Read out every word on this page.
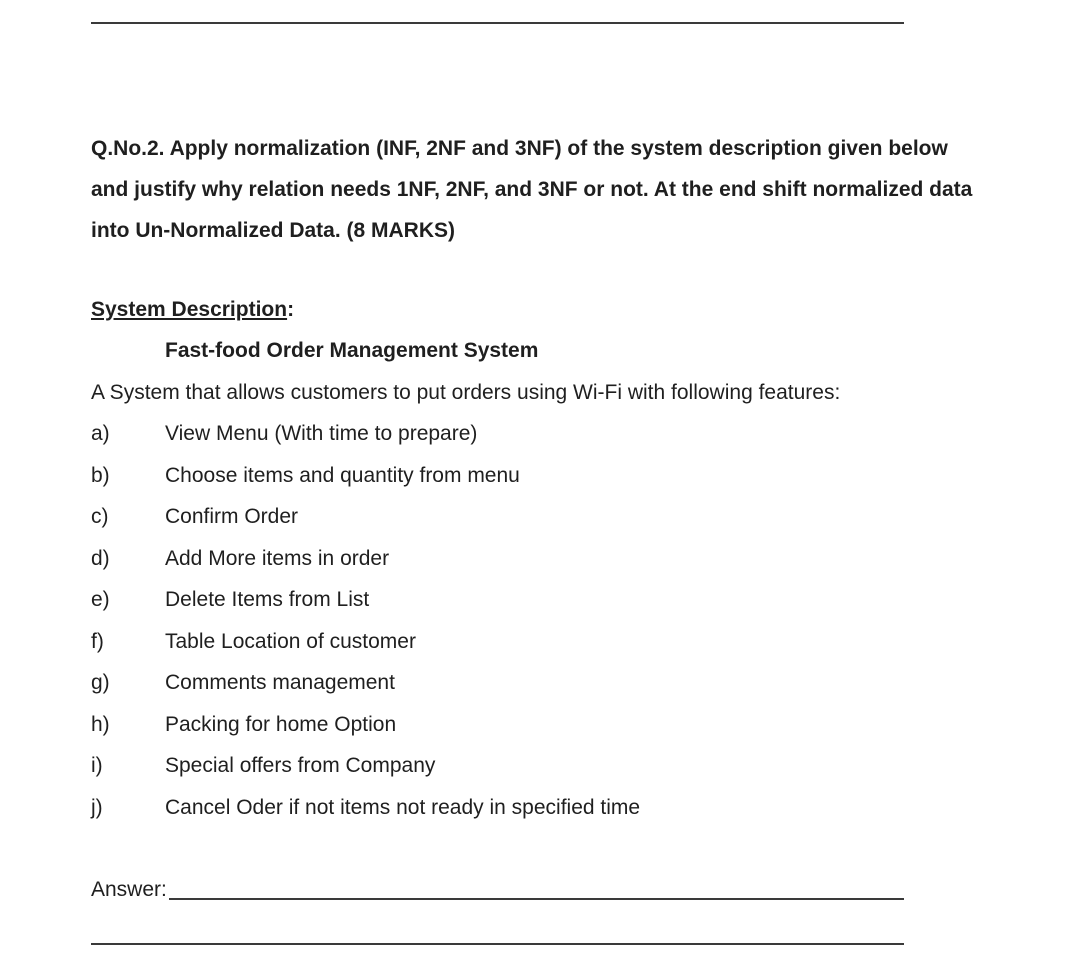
Q.No.2. Apply normalization (INF, 2NF and 3NF) of the system description given below
and justify why relation needs 1NF, 2NF, and 3NF or not. At the end shift normalized data
into Un-Normalized Data. (8 MARKS)
System Description:
Fast-food Order Management System
A System that allows customers to put orders using Wi-Fi with following features:
a)	View Menu (With time to prepare)
b)	Choose items and quantity from menu
c)	Confirm Order
d)	Add More items in order
e)	Delete Items from List
f)	Table Location of customer
g)	Comments management
h)	Packing for home Option
i)	Special offers from Company
j)	Cancel Oder if not items not ready in specified time
Answer:
